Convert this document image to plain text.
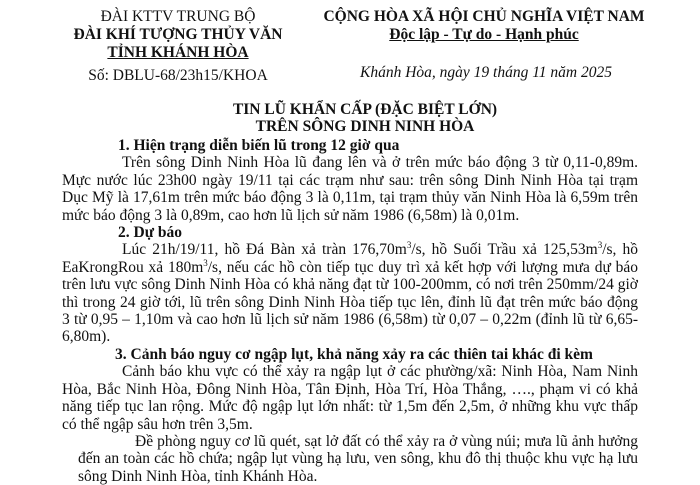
ĐÀI KTTV TRUNG BỘ
ĐÀI KHÍ TƯỢNG THỦY VĂN
TỈNH KHÁNH HÒA
Số: DBLU-68/23h15/KHOA
CỘNG HÒA XÃ HỘI CHỦ NGHĨA VIỆT NAM
Độc lập - Tự do - Hạnh phúc
Khánh Hòa, ngày 19 tháng 11 năm 2025
TIN LŨ KHẨN CẤP (ĐẶC BIỆT LỚN)
TRÊN SÔNG DINH NINH HÒA

1. Hiện trạng diễn biến lũ trong 12 giờ qua

Trên sông Dinh Ninh Hòa lũ đang lên và ở trên mức báo động 3 từ 0,11-0,89m. Mực nước lúc 23h00 ngày 19/11 tại các trạm như sau: trên sông Dinh Ninh Hòa tại trạm Dục Mỹ là 17,61m trên mức báo động 3 là 0,11m, tại trạm thủy văn Ninh Hòa là 6,59m trên mức báo động 3 là 0,89m, cao hơn lũ lịch sử năm 1986 (6,58m) là 0,01m.

2. Dự báo

Lúc 21h/19/11, hồ Đá Bàn xả tràn $176,70m^3/s$, hồ Suối Trầu xả $125,53m^3/s$, hồ EaKrongRou xả $180m^3/s$, nếu các hồ còn tiếp tục duy trì xả kết hợp với lượng mưa dự báo trên lưu vực sông Dinh Ninh Hòa có khả năng đạt từ 100-200mm, có nơi trên 250mm/24 giờ thì trong 24 giờ tới, lũ trên sông Dinh Ninh Hòa tiếp tục lên, đỉnh lũ đạt trên mức báo động 3 từ 0,95 – 1,10m và cao hơn lũ lịch sử năm 1986 (6,58m) từ 0,07 – 0,22m (đỉnh lũ từ 6,65-6,80m).

3. Cảnh báo nguy cơ ngập lụt, khả năng xảy ra các thiên tai khác đi kèm

Cảnh báo khu vực có thể xảy ra ngập lụt ở các phường/xã: Ninh Hòa, Nam Ninh Hòa, Bắc Ninh Hòa, Đông Ninh Hòa, Tân Định, Hòa Trí, Hòa Thắng, …., phạm vi có khả năng tiếp tục lan rộng. Mức độ ngập lụt lớn nhất: từ 1,5m đến 2,5m, ở những khu vực thấp có thể ngập sâu hơn trên 3,5m.

Đề phòng nguy cơ lũ quét, sạt lở đất có thể xảy ra ở vùng núi; mưa lũ ảnh hưởng đến an toàn các hồ chứa; ngập lụt vùng hạ lưu, ven sông, khu đô thị thuộc khu vực hạ lưu sông Dinh Ninh Hòa, tỉnh Khánh Hòa.
